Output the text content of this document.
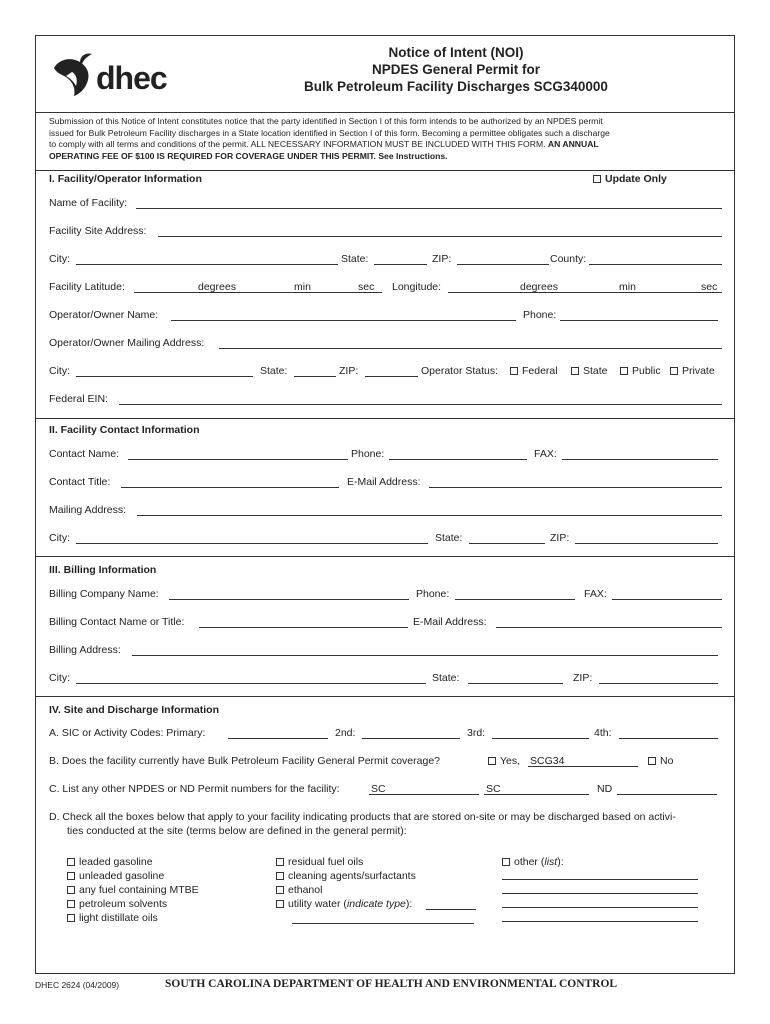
dhec
Notice of Intent (NOI)
NPDES General Permit for
Bulk Petroleum Facility Discharges SCG340000
Submission of this Notice of Intent constitutes notice that the party identified in Section I of this form intends to be authorized by an NPDES permit
issued for Bulk Petroleum Facility discharges in a State location identified in Section I of this form. Becoming a permittee obligates such a discharge
to comply with all terms and conditions of the permit. ALL NECESSARY INFORMATION MUST BE INCLUDED WITH THIS FORM. AN ANNUAL
OPERATING FEE OF $100 IS REQUIRED FOR COVERAGE UNDER THIS PERMIT. See Instructions.
I. Facility/Operator Information	Update Only
Name of Facility:
Facility Site Address:
City:	State:	ZIP:	County:
Facility Latitude:	degrees	min	sec Longitude:	degrees	min	sec
Operator/Owner Name:	Phone:
Operator/Owner Mailing Address:
City:	State:	ZIP:	Operator Status:	Federal	State	Public	Private
Federal EIN:
II. Facility Contact Information
Contact Name:	Phone:	FAX:
Contact Title:	E-Mail Address:
Mailing Address:
City:	State:	ZIP:
III. Billing Information
Billing Company Name:	Phone:	FAX:
Billing Contact Name or Title:	E-Mail Address:
Billing Address:
City:	State:	ZIP:
IV. Site and Discharge Information
A. SIC or Activity Codes: Primary:	2nd:	3rd:	4th:
B. Does the facility currently have Bulk Petroleum Facility General Permit coverage?	Yes, SCG34	No
C. List any other NPDES or ND Permit numbers for the facility:	SC	SC	ND
D. Check all the boxes below that apply to your facility indicating products that are stored on-site or may be discharged based on activi-
ties conducted at the site (terms below are defined in the general permit):
leaded gasoline
unleaded gasoline
any fuel containing MTBE
petroleum solvents
light distillate oils
residual fuel oils
cleaning agents/surfactants
ethanol
utility water (indicate type):
other (list):
DHEC 2624 (04/2009)	SOUTH CAROLINA DEPARTMENT OF HEALTH AND ENVIRONMENTAL CONTROL
